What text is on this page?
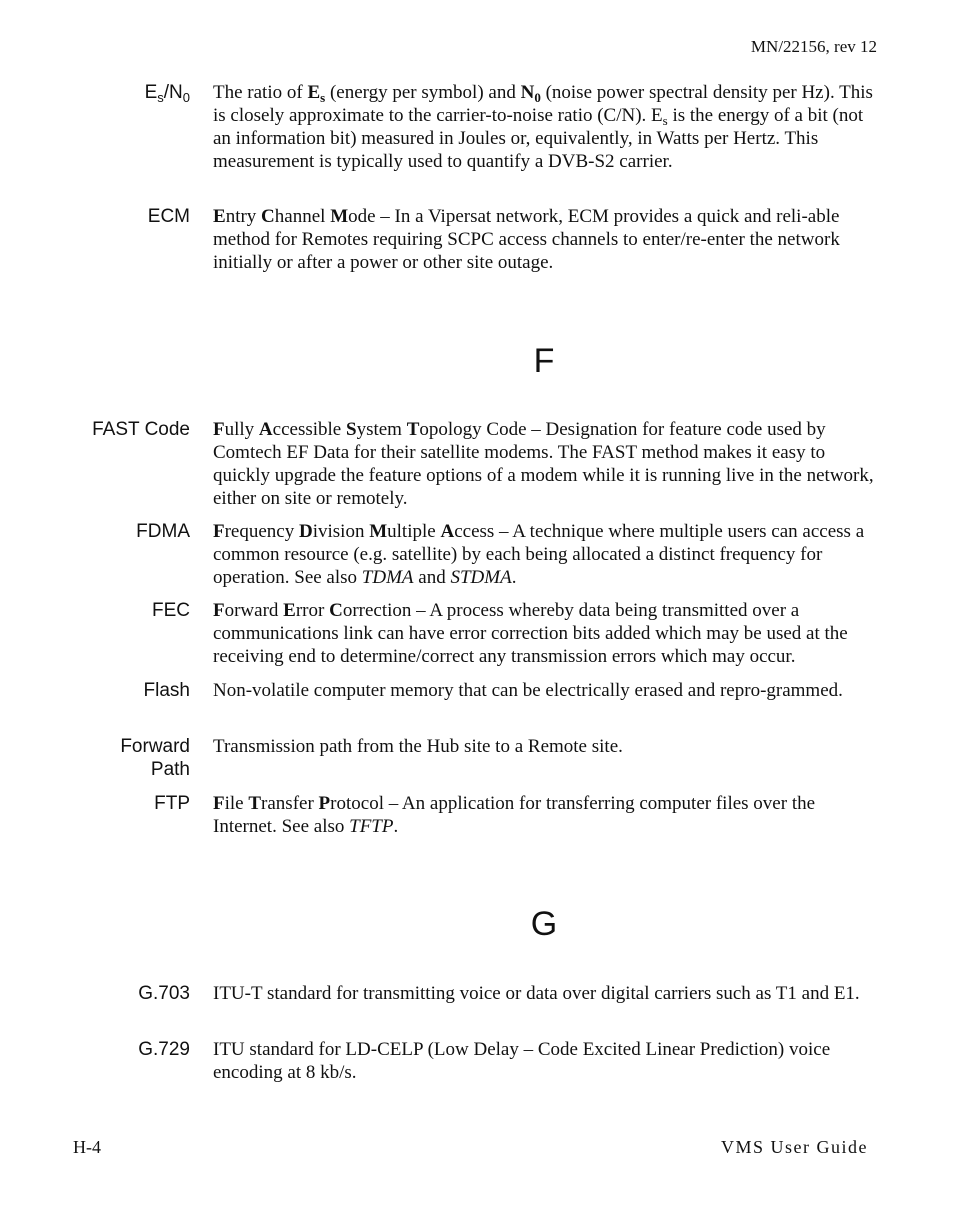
MN/22156, rev 12
$E_s/N_0$ The ratio of $E_s$ (energy per symbol) and $N_0$ (noise power spectral density per Hz). This is closely approximate to the carrier-to-noise ratio (C/N). $E_s$ is the energy of a bit (not an information bit) measured in Joules or, equivalently, in Watts per Hertz. This measurement is typically used to quantify a DVB-S2 carrier.
ECM Entry Channel Mode – In a Vipersat network, ECM provides a quick and reli-able method for Remotes requiring SCPC access channels to enter/re-enter the network initially or after a power or other site outage.
F
FAST Code Fully Accessible System Topology Code – Designation for feature code used by Comtech EF Data for their satellite modems. The FAST method makes it easy to quickly upgrade the feature options of a modem while it is running live in the network, either on site or remotely.
FDMA Frequency Division Multiple Access – A technique where multiple users can access a common resource (e.g. satellite) by each being allocated a distinct frequency for operation. See also TDMA and STDMA.
FEC Forward Error Correction – A process whereby data being transmitted over a communications link can have error correction bits added which may be used at the receiving end to determine/correct any transmission errors which may occur.
Flash Non-volatile computer memory that can be electrically erased and repro-grammed.
Forward
Path
Transmission path from the Hub site to a Remote site.
FTP File Transfer Protocol – An application for transferring computer files over the Internet. See also TFTP.
G
G.703 ITU-T standard for transmitting voice or data over digital carriers such as T1 and E1.
G.729 ITU standard for LD-CELP (Low Delay – Code Excited Linear Prediction) voice encoding at 8 kb/s.
H-4	VMS User Guide
